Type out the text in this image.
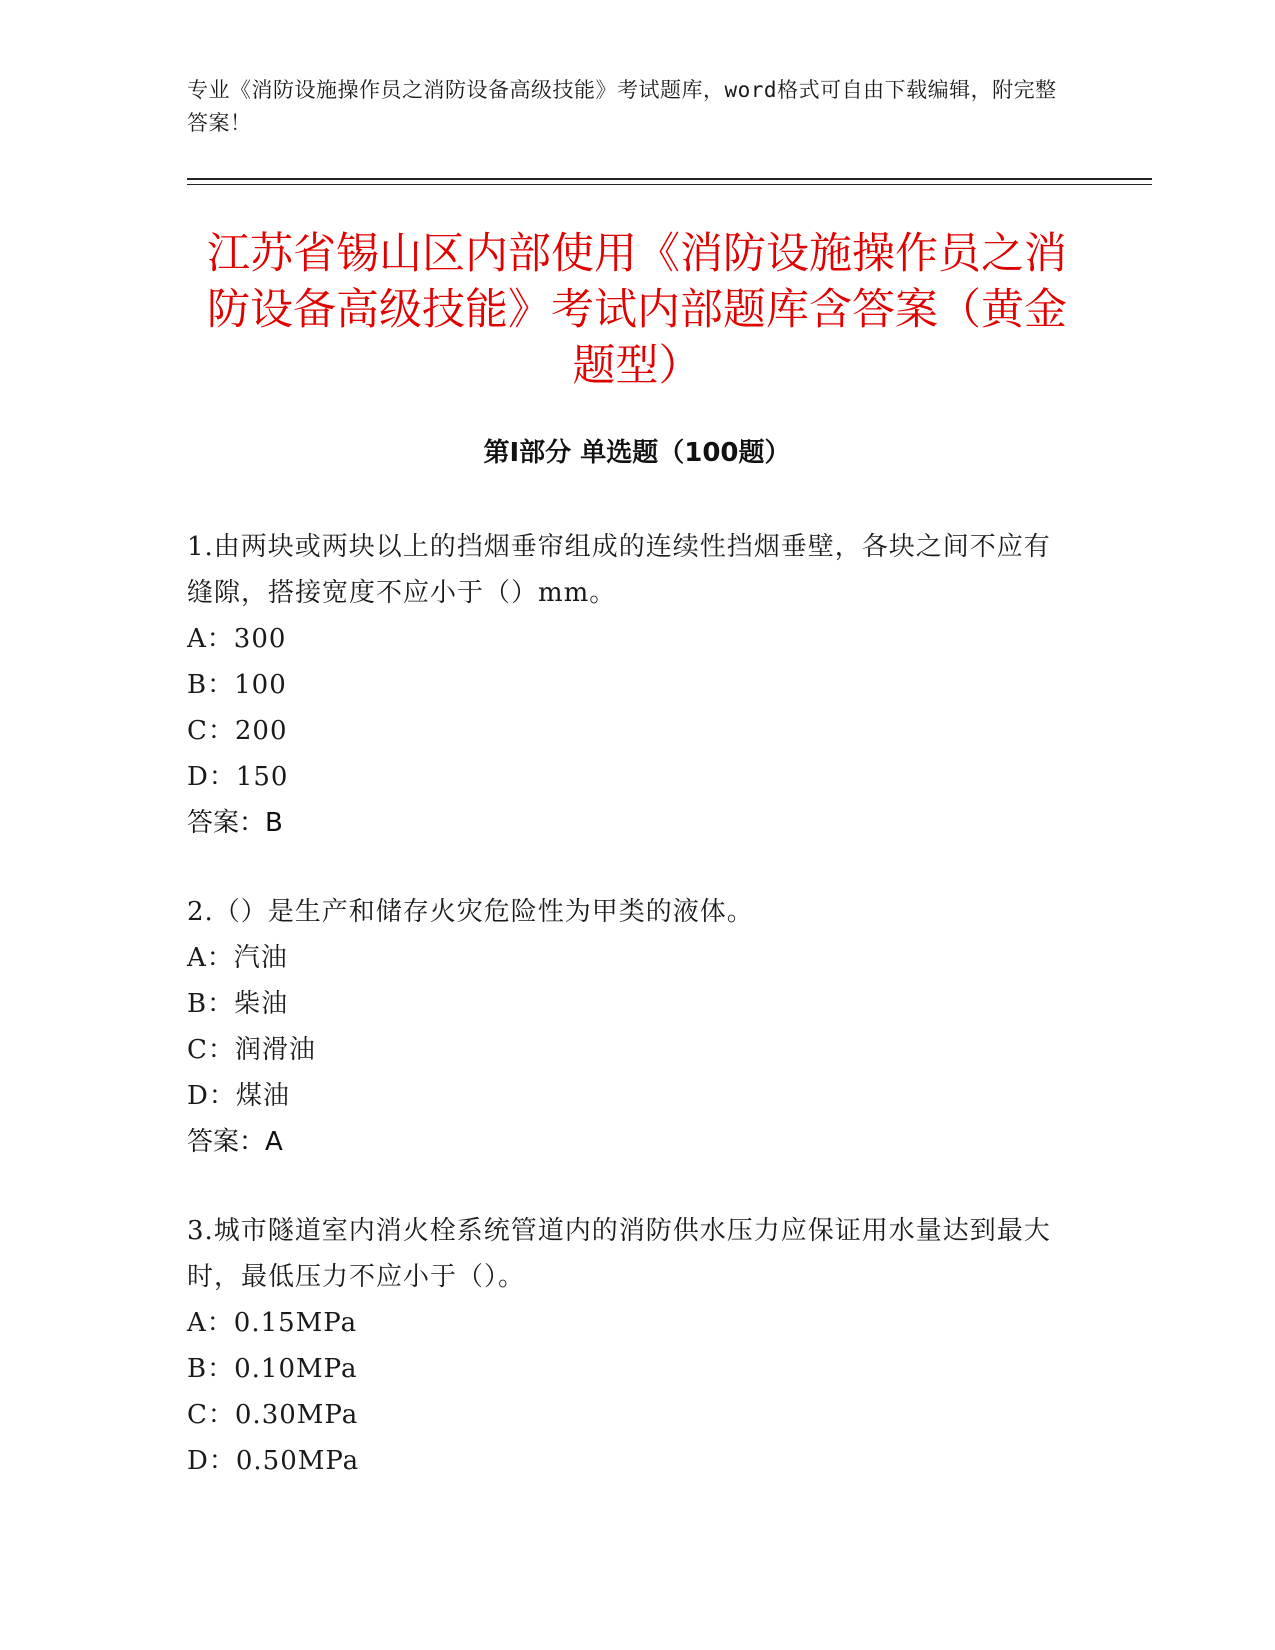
专业《消防设施操作员之消防设备高级技能》考试题库，word格式可自由下载编辑，附完整答案！
江苏省锡山区内部使用《消防设施操作员之消防设备高级技能》考试内部题库含答案（黄金题型）
第I部分 单选题（100题）

1.由两块或两块以上的挡烟垂帘组成的连续性挡烟垂壁，各块之间不应有缝隙，搭接宽度不应小于（）mm。

A：300

B：100

C：200

D：150

答案：B

2.（）是生产和储存火灾危险性为甲类的液体。

A：汽油

B：柴油

C：润滑油

D：煤油

答案：A

3.城市隧道室内消火栓系统管道内的消防供水压力应保证用水量达到最大时，最低压力不应小于（）。

A：0.15MPa

B：0.10MPa

C：0.30MPa

D：0.50MPa
